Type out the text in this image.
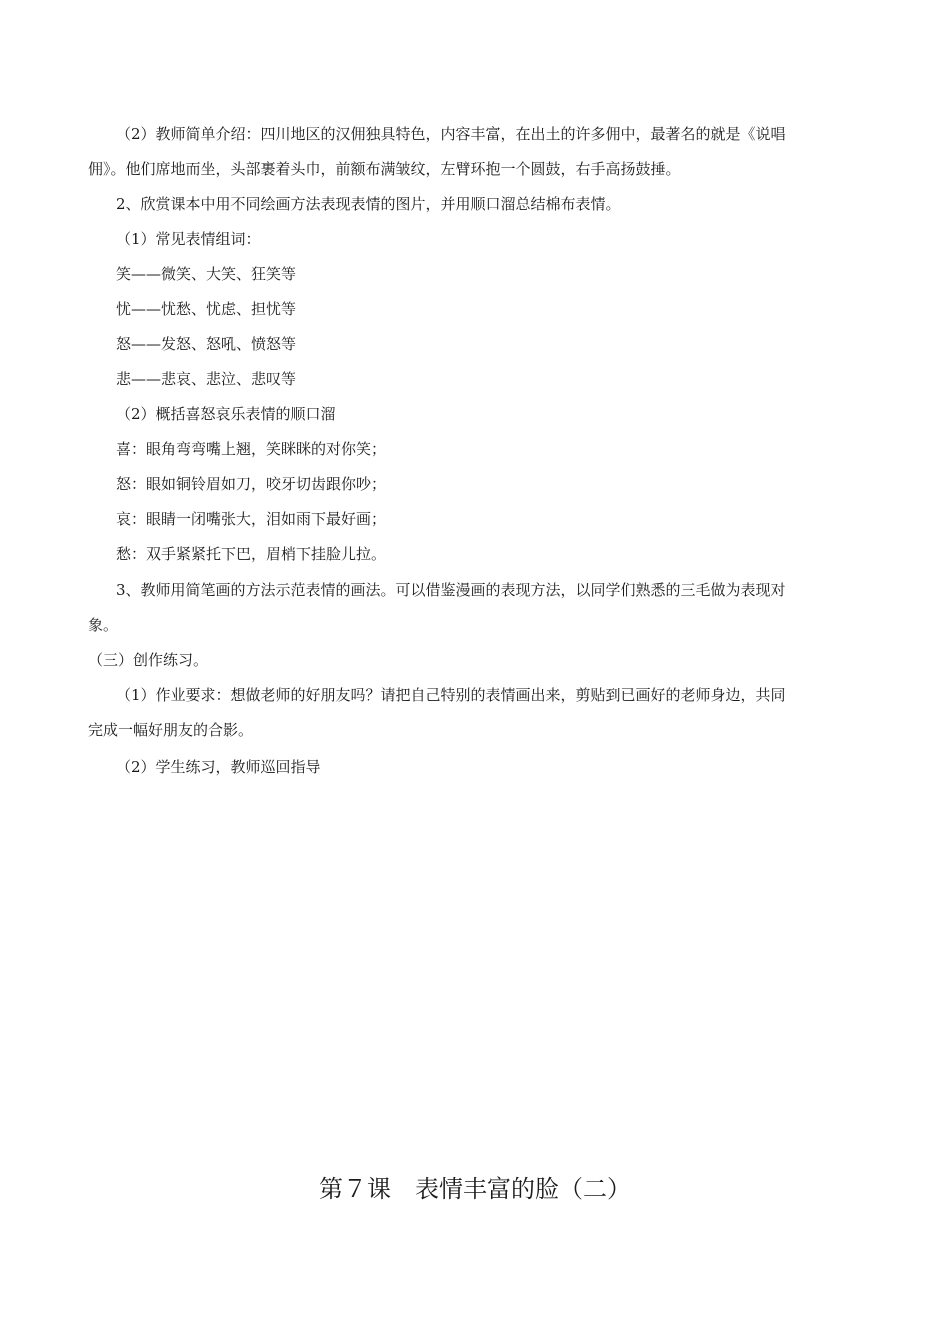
（2）教师简单介绍：四川地区的汉佣独具特色，内容丰富，在出土的许多佣中，最著名的就是《说唱
佣》。他们席地而坐，头部裹着头巾，前额布满皱纹，左臂环抱一个圆鼓，右手高扬鼓捶。
2、欣赏课本中用不同绘画方法表现表情的图片，并用顺口溜总结棉布表情。
（1）常见表情组词：
笑——微笑、大笑、狂笑等
忧——忧愁、忧虑、担忧等
怒——发怒、怒吼、愤怒等
悲——悲哀、悲泣、悲叹等
（2）概括喜怒哀乐表情的顺口溜
喜：眼角弯弯嘴上翘，笑眯眯的对你笑；
怒：眼如铜铃眉如刀，咬牙切齿跟你吵；
哀：眼睛一闭嘴张大，泪如雨下最好画；
愁：双手紧紧托下巴，眉梢下挂脸儿拉。
3、教师用简笔画的方法示范表情的画法。可以借鉴漫画的表现方法，以同学们熟悉的三毛做为表现对
象。
（三）创作练习。
（1）作业要求：想做老师的好朋友吗？请把自己特别的表情画出来，剪贴到已画好的老师身边，共同
完成一幅好朋友的合影。
（2）学生练习，教师巡回指导
第７课　表情丰富的脸（二）
